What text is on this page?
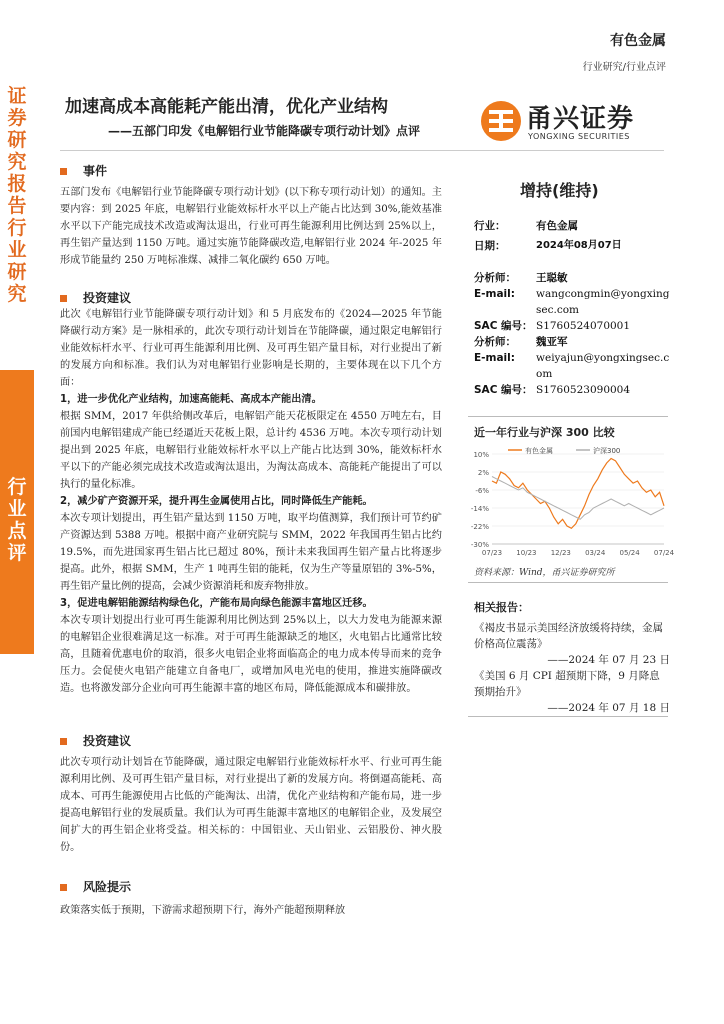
证券研究报告　行业研究
行业点评
有色金属
行业研究/行业点评
加速高成本高能耗产能出清，优化产业结构
——五部门印发《电解铝行业节能降碳专项行动计划》点评	甬兴证券
YONGXING SECURITIES
事件

五部门发布《电解铝行业节能降碳专项行动计划》(以下称专项行动计划）的通知。主要内容：到 2025 年底，电解铝行业能效标杆水平以上产能占比达到 30%,能效基准水平以下产能完成技术改造或淘汰退出，行业可再生能源利用比例达到 25%以上，再生铝产量达到 1150 万吨。通过实施节能降碳改造,电解铝行业 2024 年-2025 年形成节能量约 250 万吨标准煤、减排二氧化碳约 650 万吨。

投资建议

此次《电解铝行业节能降碳专项行动计划》和 5 月底发布的《2024—2025 年节能降碳行动方案》是一脉相承的，此次专项行动计划旨在节能降碳，通过限定电解铝行业能效标杆水平、行业可再生能源利用比例、及可再生铝产量目标，对行业提出了新的发展方向和标准。我们认为对电解铝行业影响是长期的，主要体现在以下几个方面：

1，进一步优化产业结构，加速高能耗、高成本产能出清。

根据 SMM，2017 年供给侧改革后，电解铝产能天花板限定在 4550 万吨左右，目前国内电解铝建成产能已经逼近天花板上限，总计约 4536 万吨。本次专项行动计划提出到 2025 年底，电解铝行业能效标杆水平以上产能占比达到 30%，能效标杆水平以下的产能必须完成技术改造或淘汰退出，为淘汰高成本、高能耗产能提出了可以执行的量化标准。

2，减少矿产资源开采，提升再生金属使用占比，同时降低生产能耗。

本次专项计划提出，再生铝产量达到 1150 万吨，取平均值测算，我们预计可节约矿产资源达到 5388 万吨。根据中商产业研究院与 SMM，2022 年我国再生铝占比约 19.5%，而先进国家再生铝占比已超过 80%，预计未来我国再生铝产量占比将逐步提高。此外，根据 SMM，生产 1 吨再生铝的能耗，仅为生产等量原铝的 3%-5%，再生铝产量比例的提高，会减少资源消耗和废弃物排放。

3，促进电解铝能源结构绿色化，产能布局向绿色能源丰富地区迁移。

本次专项计划提出行业可再生能源利用比例达到 25%以上，以大力发电为能源来源的电解铝企业很难满足这一标准。对于可再生能源缺乏的地区，火电铝占比通常比较高，且随着优惠电价的取消，很多火电铝企业将面临高企的电力成本传导而来的竞争压力。会促使火电铝产能建立自备电厂，或增加风电光电的使用，推进实施降碳改造。也将激发部分企业向可再生能源丰富的地区布局，降低能源成本和碳排放。

投资建议

此次专项行动计划旨在节能降碳，通过限定电解铝行业能效标杆水平、行业可再生能源利用比例、及可再生铝产量目标，对行业提出了新的发展方向。将倒逼高能耗、高成本、可再生能源使用占比低的产能淘汰、出清，优化产业结构和产能布局，进一步提高电解铝行业的发展质量。我们认为可再生能源丰富地区的电解铝企业，及发展空间扩大的再生铝企业将受益。相关标的：中国铝业、天山铝业、云铝股份、神火股份。

风险提示

政策落实低于预期，下游需求超预期下行，海外产能超预期释放

增持(维持)
行业：	有色金属
日期：	2024年08月07日
分析师：	王聪敏
E-mail:	wangcongmin@yongxingsec.com
SAC 编号： S1760524070001
分析师：	魏亚军
E-mail:	weiyajun@yongxingsec.com
SAC 编号： S1760523090004
近一年行业与沪深 300 比较
10%
2%
-6%
-14%
-22%
-30%
07/23 10/23 12/23 03/24 05/24 07/24
有色金属	沪深300
资料来源：Wind，甬兴证券研究所
相关报告：
《褐皮书显示美国经济放缓将持续，金属价格高位震荡》
——2024 年 07 月 23 日
《美国 6 月 CPI 超预期下降，9 月降息预期抬升》
——2024 年 07 月 18 日
